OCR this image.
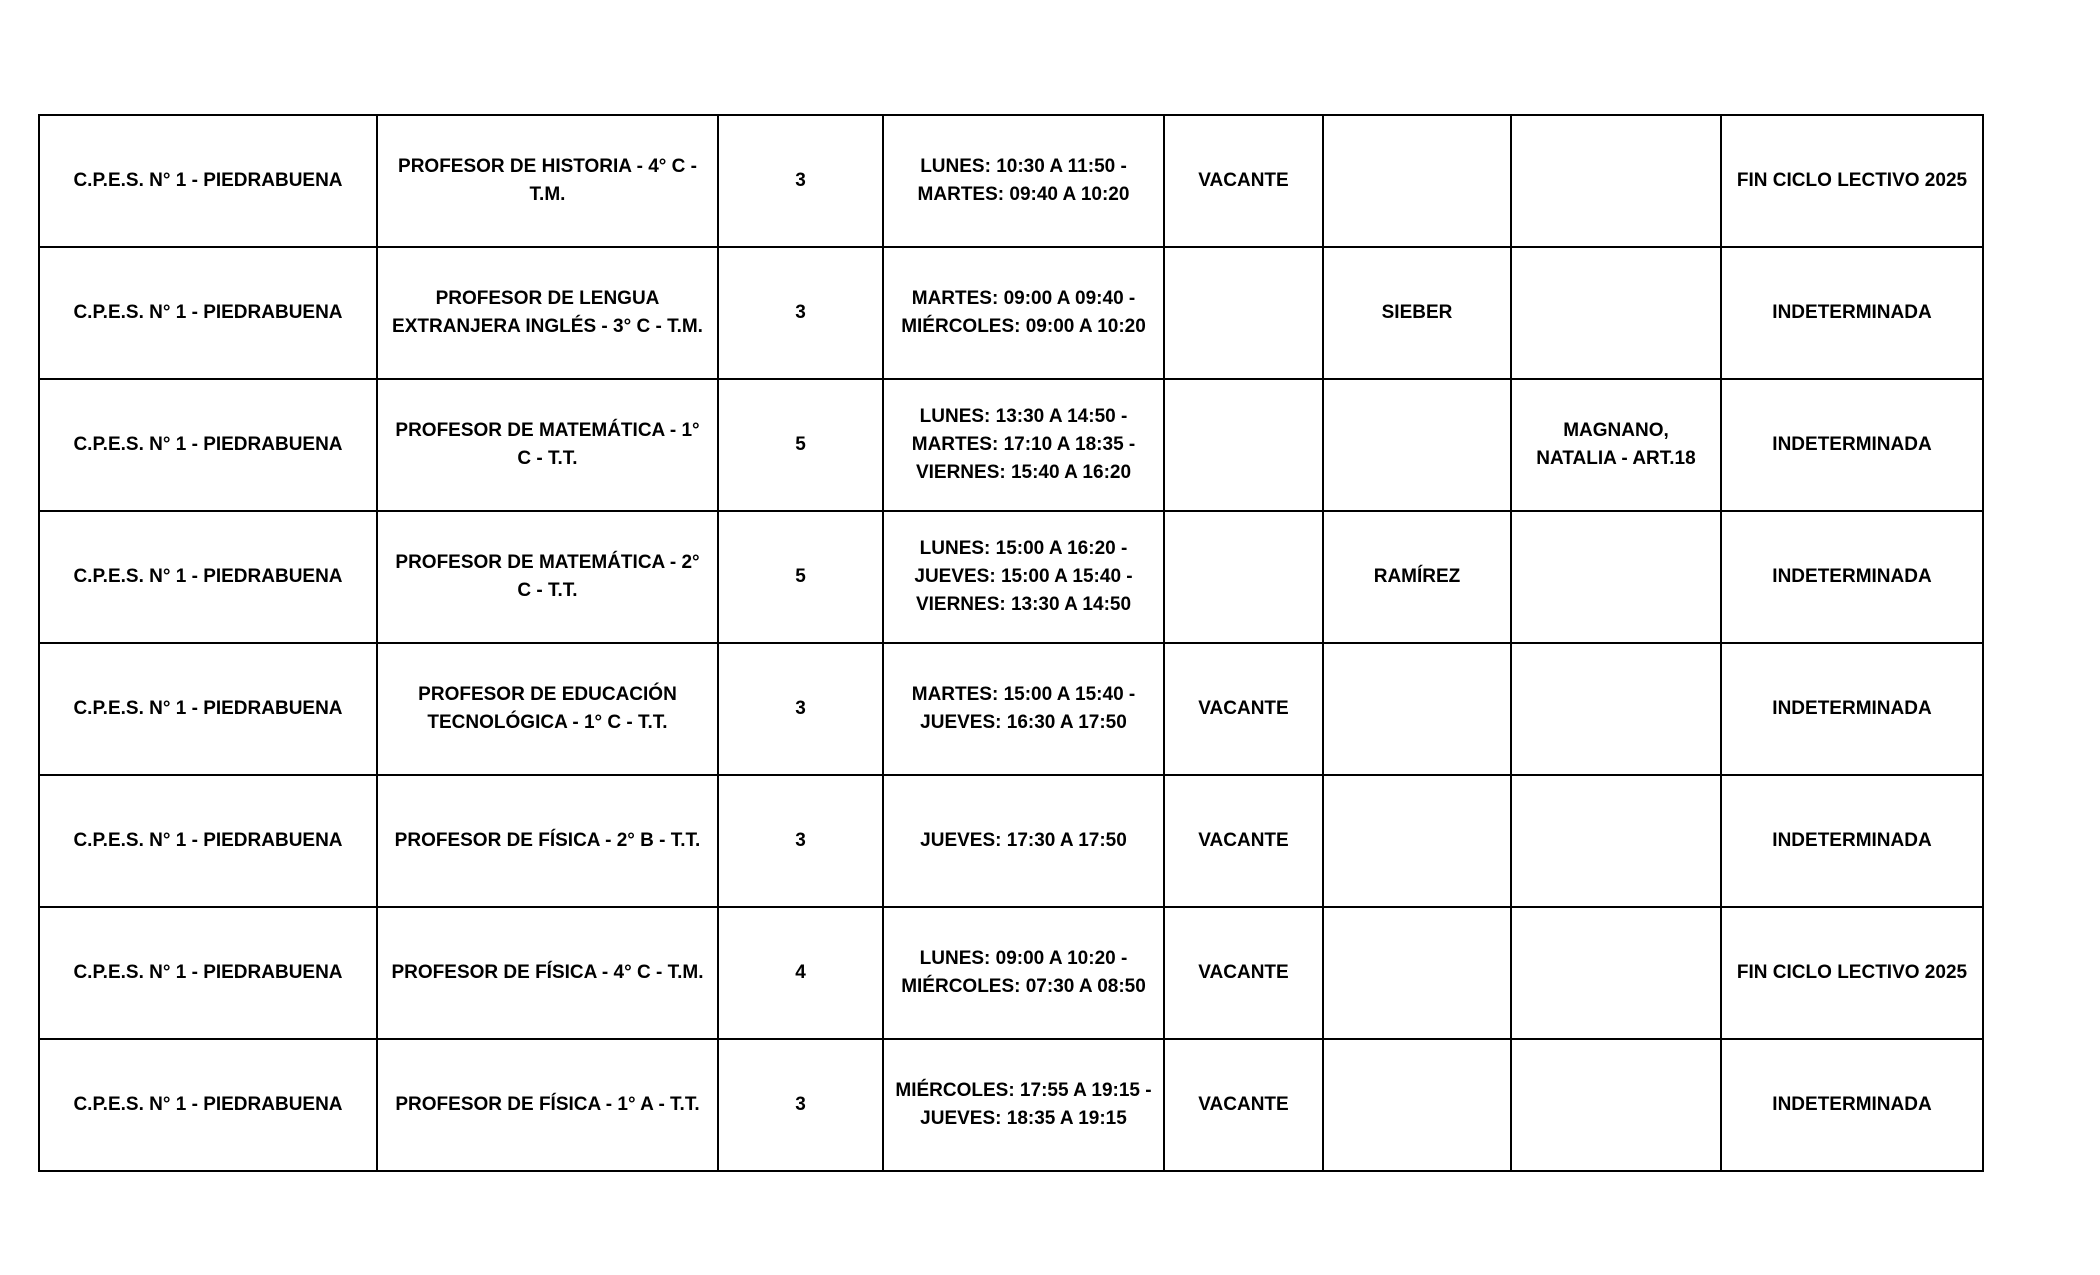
C.P.E.S. N° 1 - PIEDRABUENA	PROFESOR DE HISTORIA - 4° C - T.M.	3	LUNES: 10:30 A 11:50 - MARTES: 09:40 A 10:20	VACANTE			FIN CICLO LECTIVO 2025
C.P.E.S. N° 1 - PIEDRABUENA	PROFESOR DE LENGUA EXTRANJERA INGLÉS - 3° C - T.M.	3	MARTES: 09:00 A 09:40 - MIÉRCOLES: 09:00 A 10:20		SIEBER		INDETERMINADA
C.P.E.S. N° 1 - PIEDRABUENA	PROFESOR DE MATEMÁTICA - 1° C - T.T.	5	LUNES: 13:30 A 14:50 - MARTES: 17:10 A 18:35 - VIERNES: 15:40 A 16:20			MAGNANO, NATALIA - ART.18	INDETERMINADA
C.P.E.S. N° 1 - PIEDRABUENA	PROFESOR DE MATEMÁTICA - 2° C - T.T.	5	LUNES: 15:00 A 16:20 - JUEVES: 15:00 A 15:40 - VIERNES: 13:30 A 14:50		RAMÍREZ		INDETERMINADA
C.P.E.S. N° 1 - PIEDRABUENA	PROFESOR DE EDUCACIÓN TECNOLÓGICA - 1° C - T.T.	3	MARTES: 15:00 A 15:40 - JUEVES: 16:30 A 17:50	VACANTE			INDETERMINADA
C.P.E.S. N° 1 - PIEDRABUENA	PROFESOR DE FÍSICA - 2° B - T.T.	3	JUEVES: 17:30 A 17:50	VACANTE			INDETERMINADA
C.P.E.S. N° 1 - PIEDRABUENA	PROFESOR DE FÍSICA - 4° C - T.M.	4	LUNES: 09:00 A 10:20 - MIÉRCOLES: 07:30 A 08:50	VACANTE			FIN CICLO LECTIVO 2025
C.P.E.S. N° 1 - PIEDRABUENA	PROFESOR DE FÍSICA - 1° A - T.T.	3	MIÉRCOLES: 17:55 A 19:15 - JUEVES: 18:35 A 19:15	VACANTE			INDETERMINADA
